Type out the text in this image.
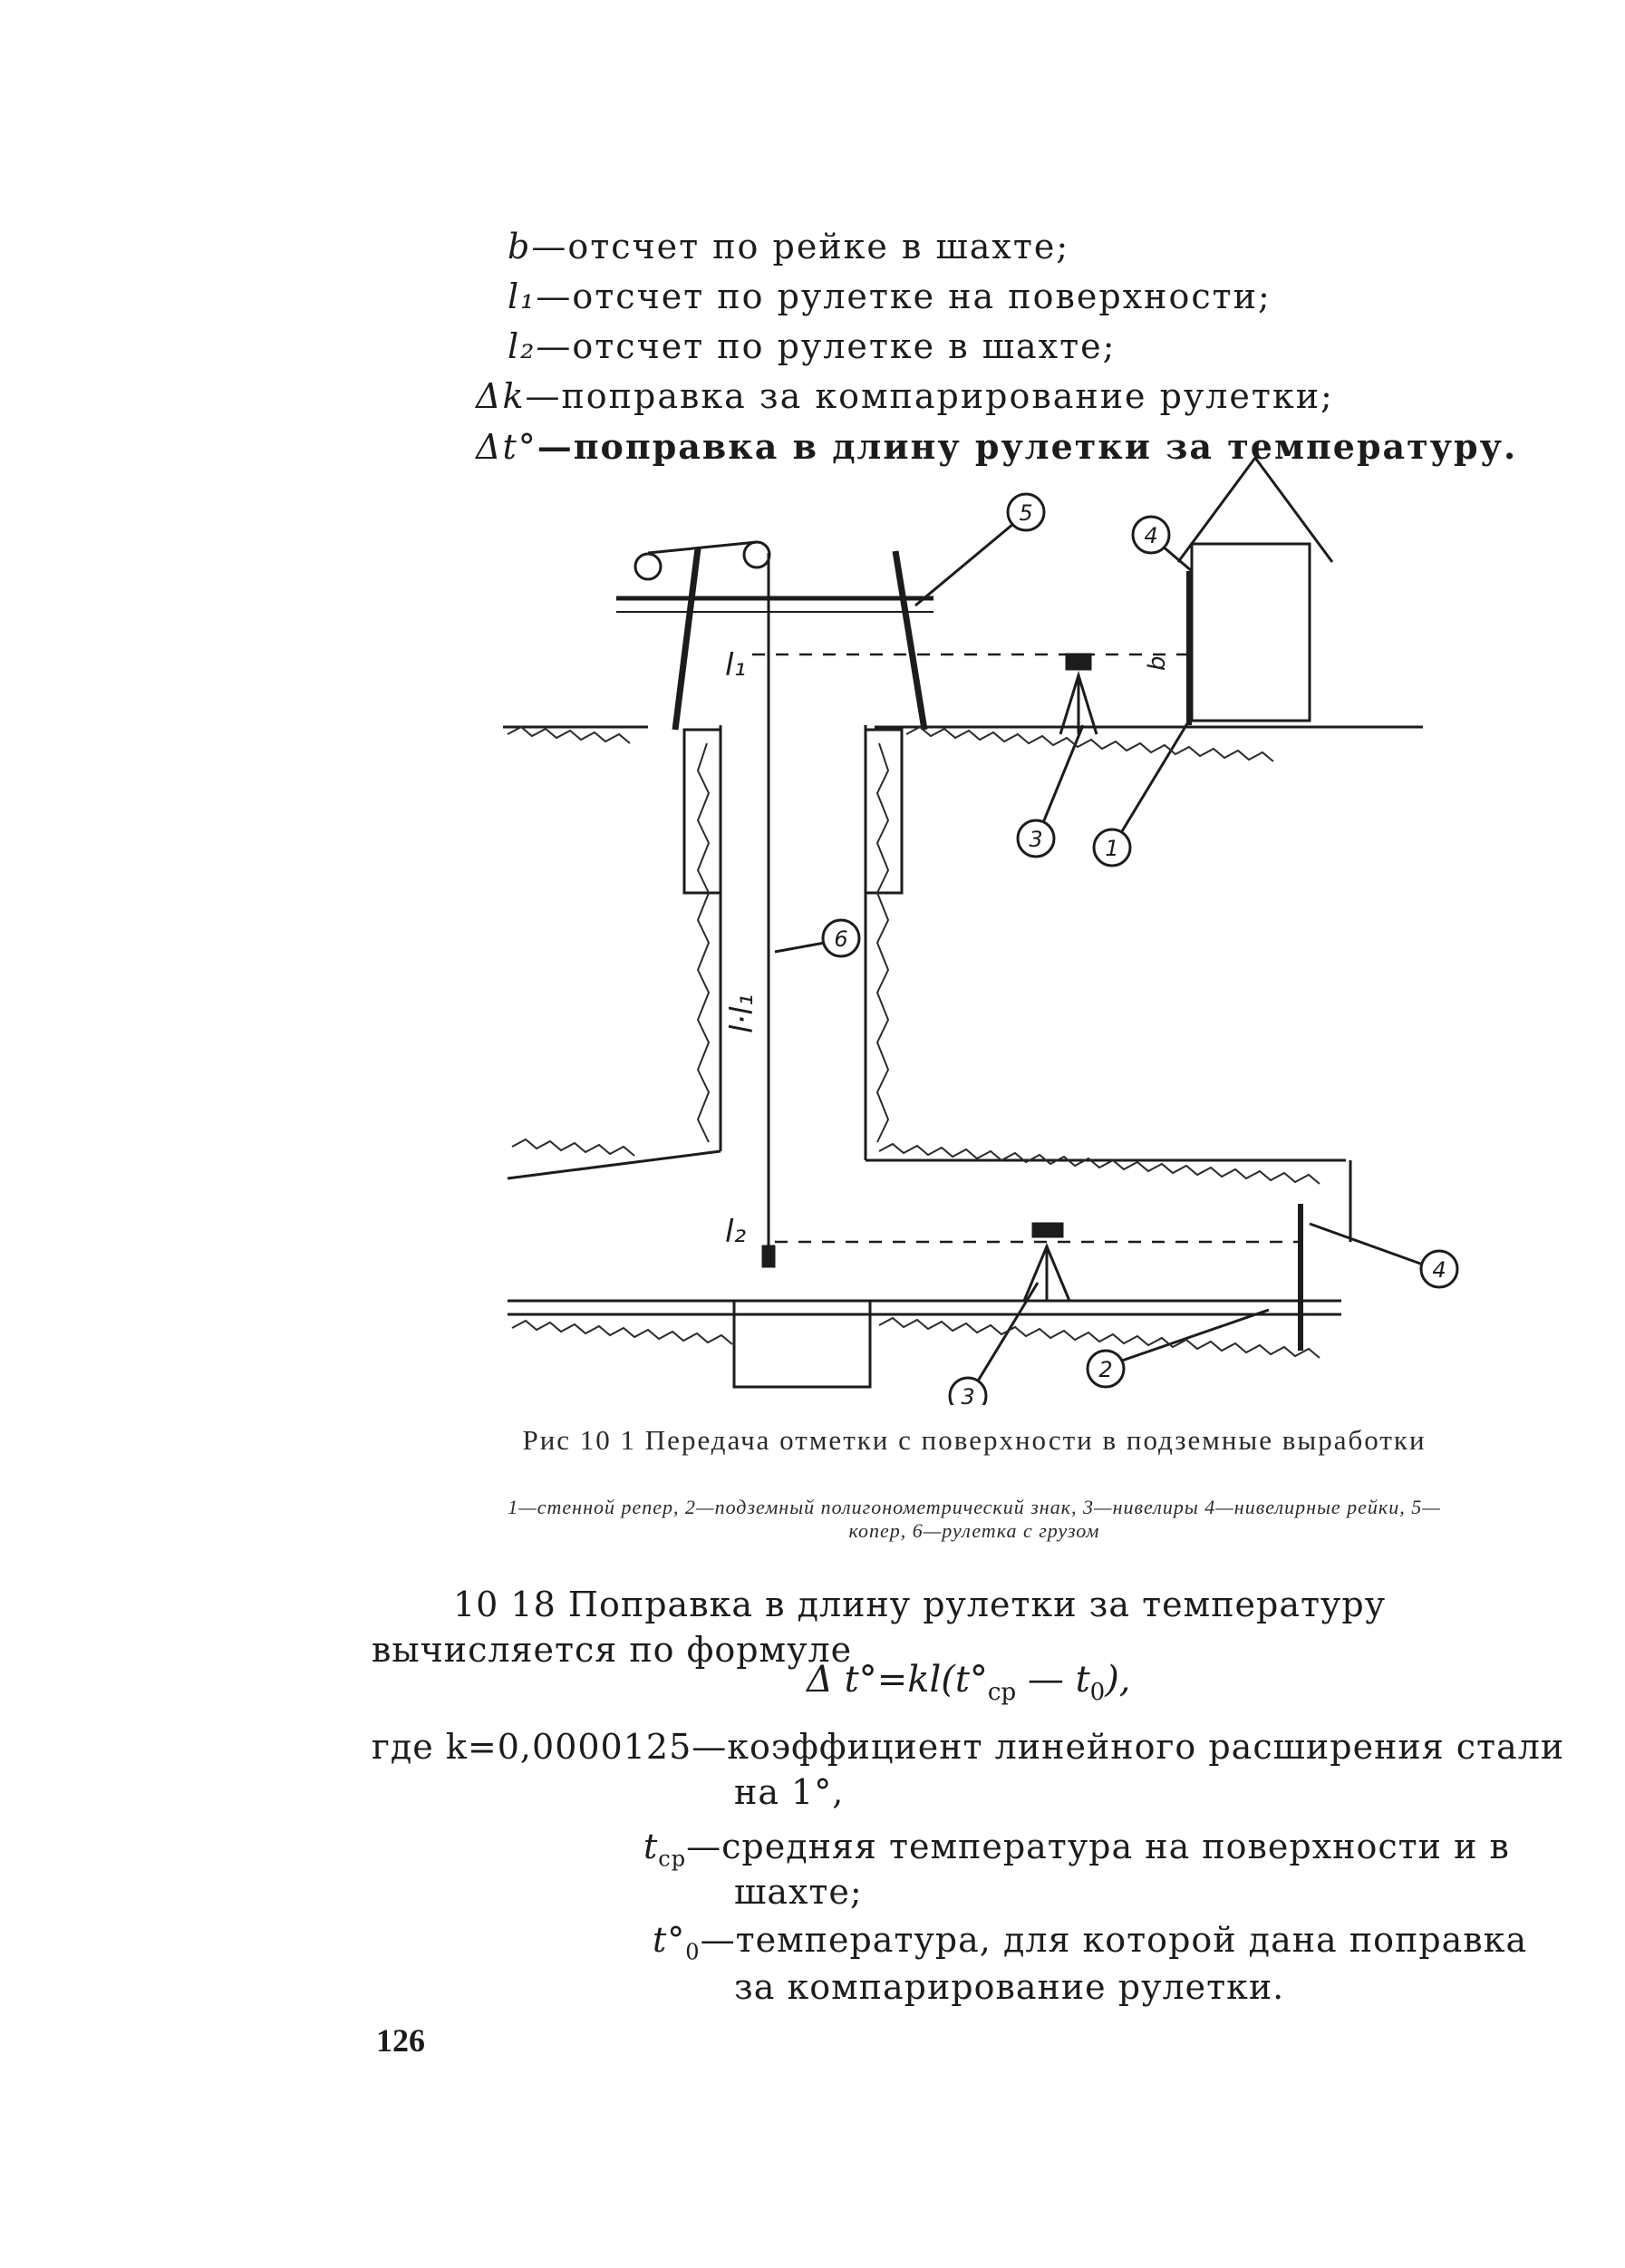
b—отсчет по рейке в шахте;
l₁—отсчет по рулетке на поверхности;
l₂—отсчет по рулетке в шахте;
Δk—поправка за компарирование рулетки;
Δt°—поправка в длину рулетки за температуру.
l₁
l₂
l·l₁
b
5
4
3	1
6
4
3
2
Рис 10 1 Передача отметки с поверхности в подземные выработки
1—стенной репер, 2—подземный полигонометрический знак, 3—нивелиры 4—нивелирные рейки, 5—копер, 6—рулетка с грузом
10 18 Поправка в длину рулетки за температуру вычисляется по формуле
Δ $t^\circ=kl(t^\circ_{ср}$ — $t_0$),
где k=0,0000125—коэффициент линейного расширения стали
на 1°,
$t_{ср}—средняя$ температура на поверхности и в
шахте;
$t^\circ_0—температура$, для которой дана поправка
за компарирование рулетки.
126
